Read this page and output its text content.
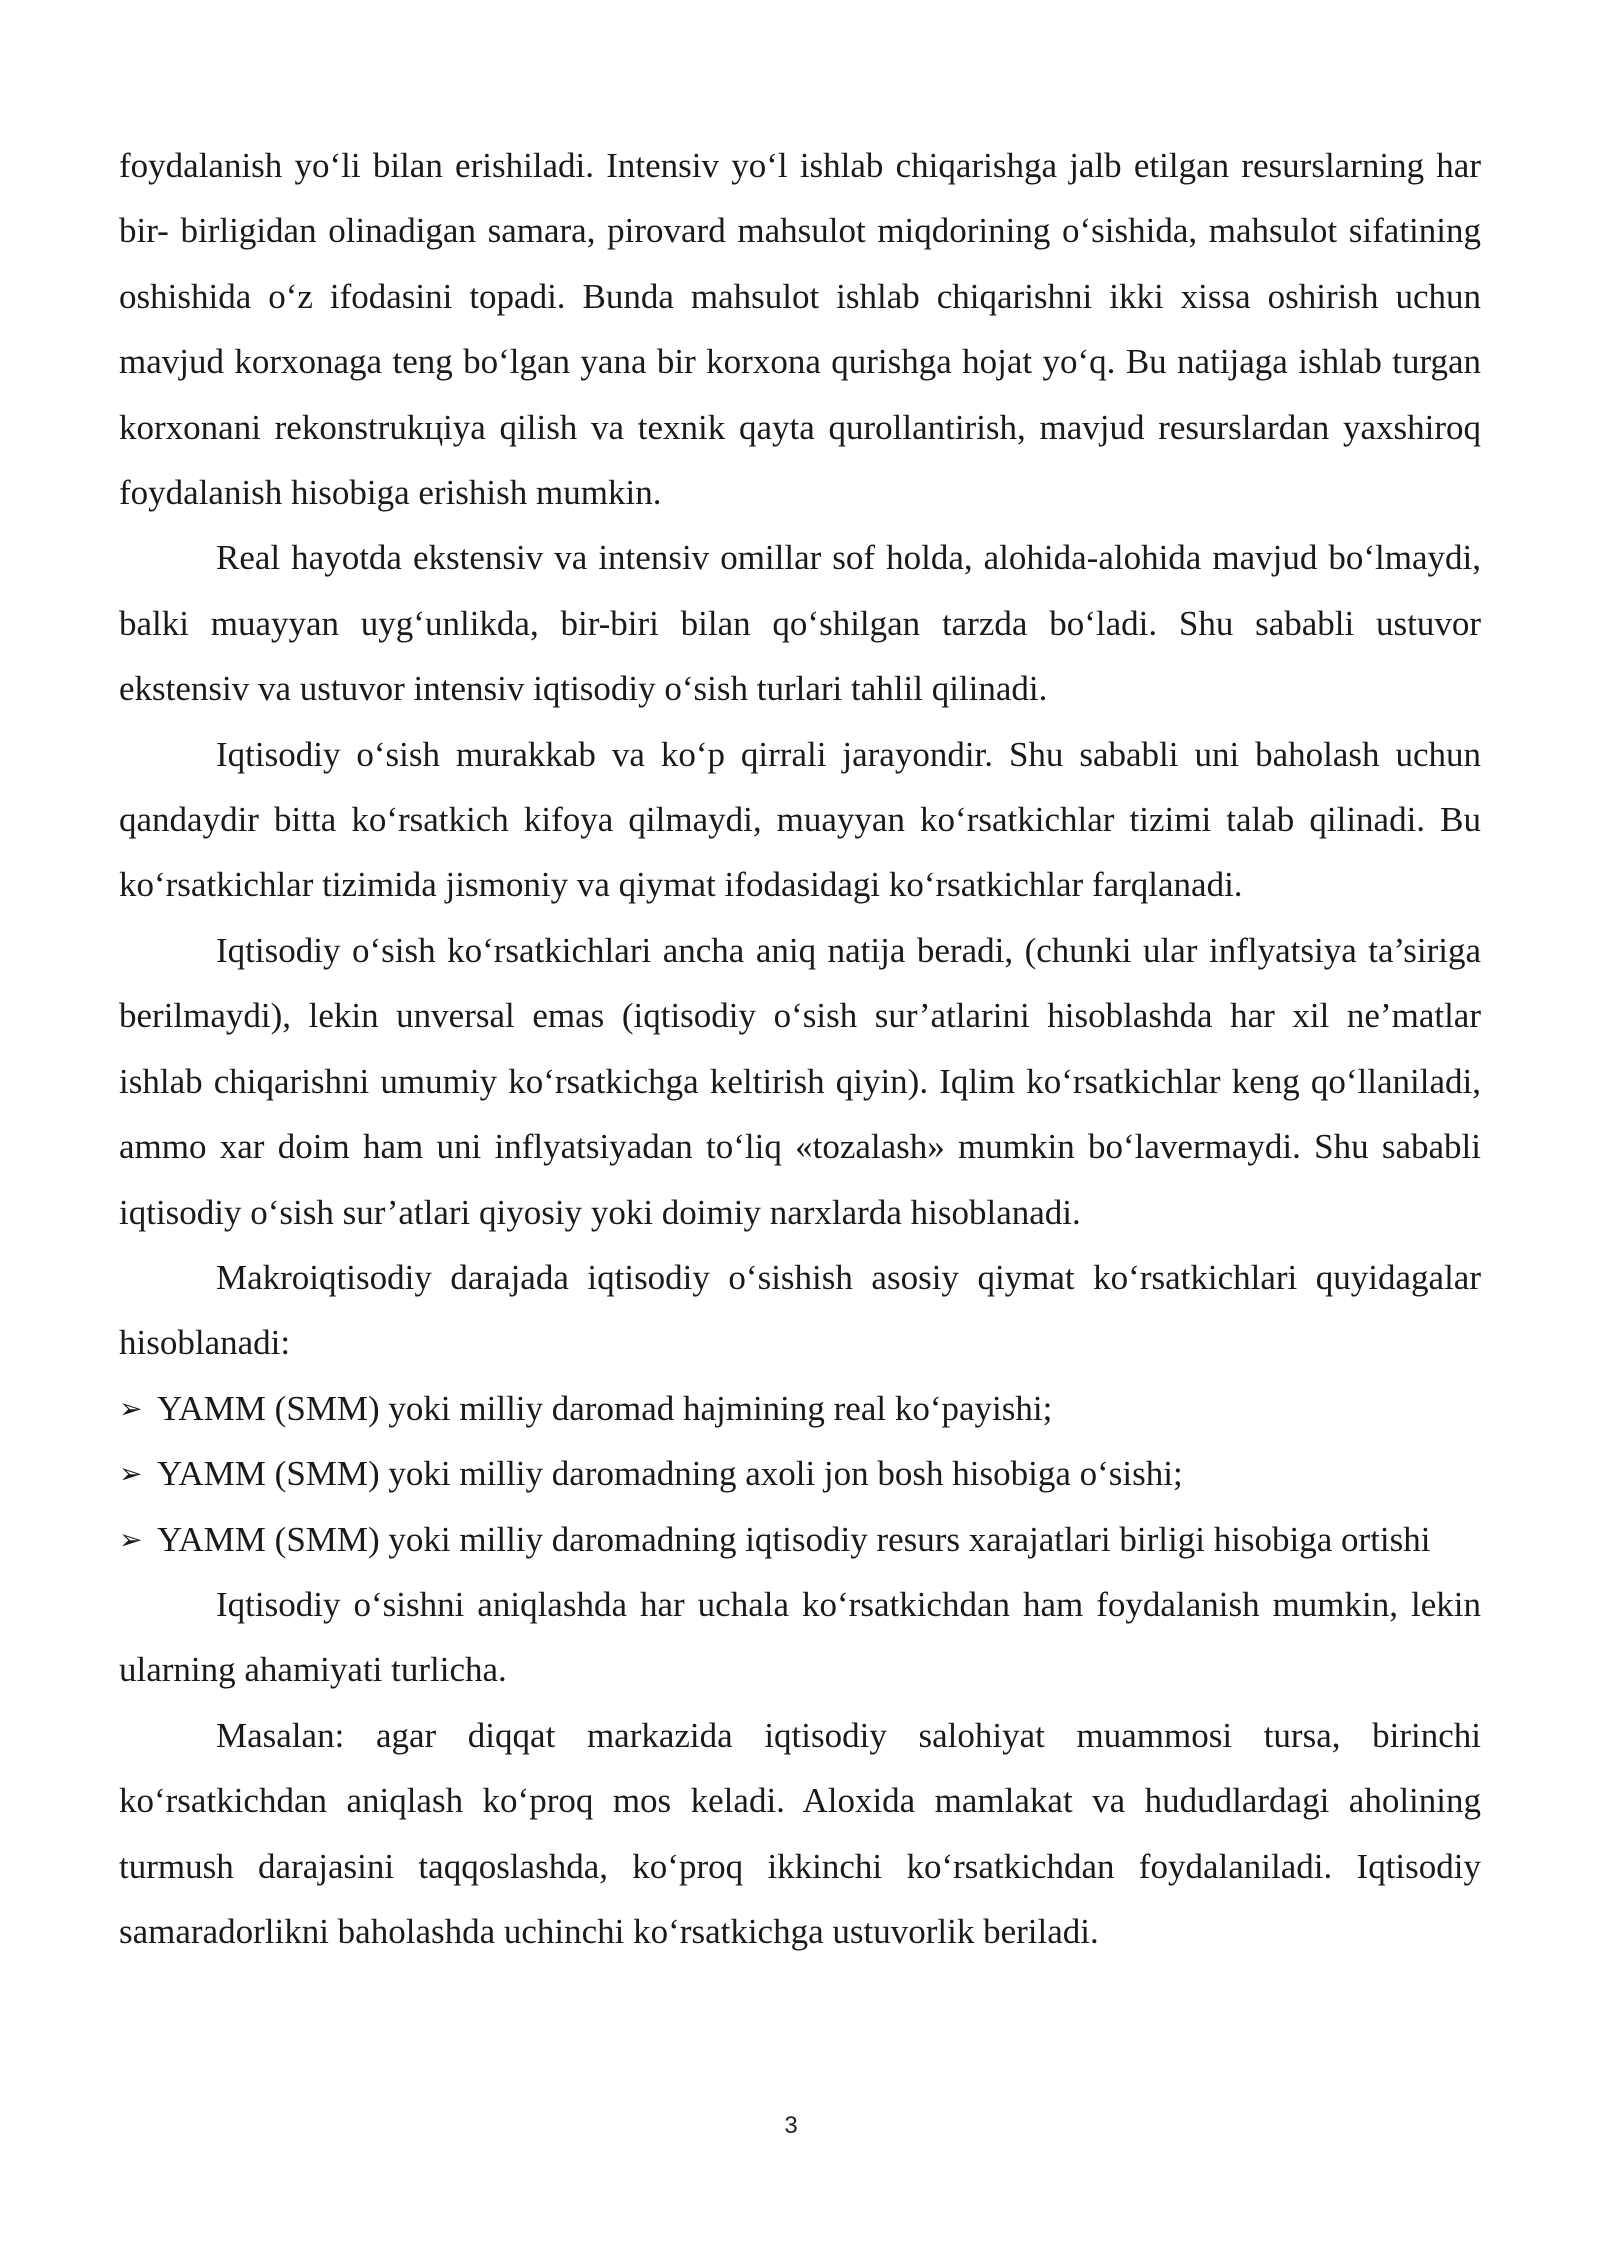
foydalanish yo‘li bilan erishiladi. Intensiv yo‘l ishlab chiqarishga jalb etilgan resurslarning har bir- birligidan olinadigan samara, pirovard mahsulot miqdorining o‘sishida, mahsulot sifatining oshishida o‘z ifodasini topadi. Bunda mahsulot ishlab chiqarishni ikki xissa oshirish uchun mavjud korxonaga teng bo‘lgan yana bir korxona qurishga hojat yo‘q. Bu natijaga ishlab turgan korxonani rekonstrukцiya qilish va texnik qayta qurollantirish, mavjud resurslardan yaxshiroq foydalanish hisobiga erishish mumkin.

Real hayotda ekstensiv va intensiv omillar sof holda, alohida-alohida mavjud bo‘lmaydi, balki muayyan uyg‘unlikda, bir-biri bilan qo‘shilgan tarzda bo‘ladi. Shu sababli ustuvor ekstensiv va ustuvor intensiv iqtisodiy o‘sish turlari tahlil qilinadi.

Iqtisodiy o‘sish murakkab va ko‘p qirrali jarayondir. Shu sababli uni baholash uchun qandaydir bitta ko‘rsatkich kifoya qilmaydi, muayyan ko‘rsatkichlar tizimi talab qilinadi. Bu ko‘rsatkichlar tizimida jismoniy va qiymat ifodasidagi ko‘rsatkichlar farqlanadi.

Iqtisodiy o‘sish ko‘rsatkichlari ancha aniq natija beradi, (chunki ular inflyatsiya ta’siriga berilmaydi), lekin unversal emas (iqtisodiy o‘sish sur’atlarini hisoblashda har xil ne’matlar ishlab chiqarishni umumiy ko‘rsatkichga keltirish qiyin). Iqlim ko‘rsatkichlar keng qo‘llaniladi, ammo xar doim ham uni inflyatsiyadan to‘liq «tozalash» mumkin bo‘lavermaydi. Shu sababli iqtisodiy o‘sish sur’atlari qiyosiy yoki doimiy narxlarda hisoblanadi.

Makroiqtisodiy darajada iqtisodiy o‘sishish asosiy qiymat ko‘rsatkichlari quyidagalar hisoblanadi:

➢ YAMM (SMM) yoki milliy daromad hajmining real ko‘payishi;
➢ YAMM (SMM) yoki milliy daromadning axoli jon bosh hisobiga o‘sishi;
➢ YAMM (SMM) yoki milliy daromadning iqtisodiy resurs xarajatlari birligi hisobiga ortishi

Iqtisodiy o‘sishni aniqlashda har uchala ko‘rsatkichdan ham foydalanish mumkin, lekin ularning ahamiyati turlicha.

Masalan: agar diqqat markazida iqtisodiy salohiyat muammosi tursa, birinchi ko‘rsatkichdan aniqlash ko‘proq mos keladi. Aloxida mamlakat va hududlardagi aholining turmush darajasini taqqoslashda, ko‘proq ikkinchi ko‘rsatkichdan foydalaniladi. Iqtisodiy samaradorlikni baholashda uchinchi ko‘rsatkichga ustuvorlik beriladi.

3
